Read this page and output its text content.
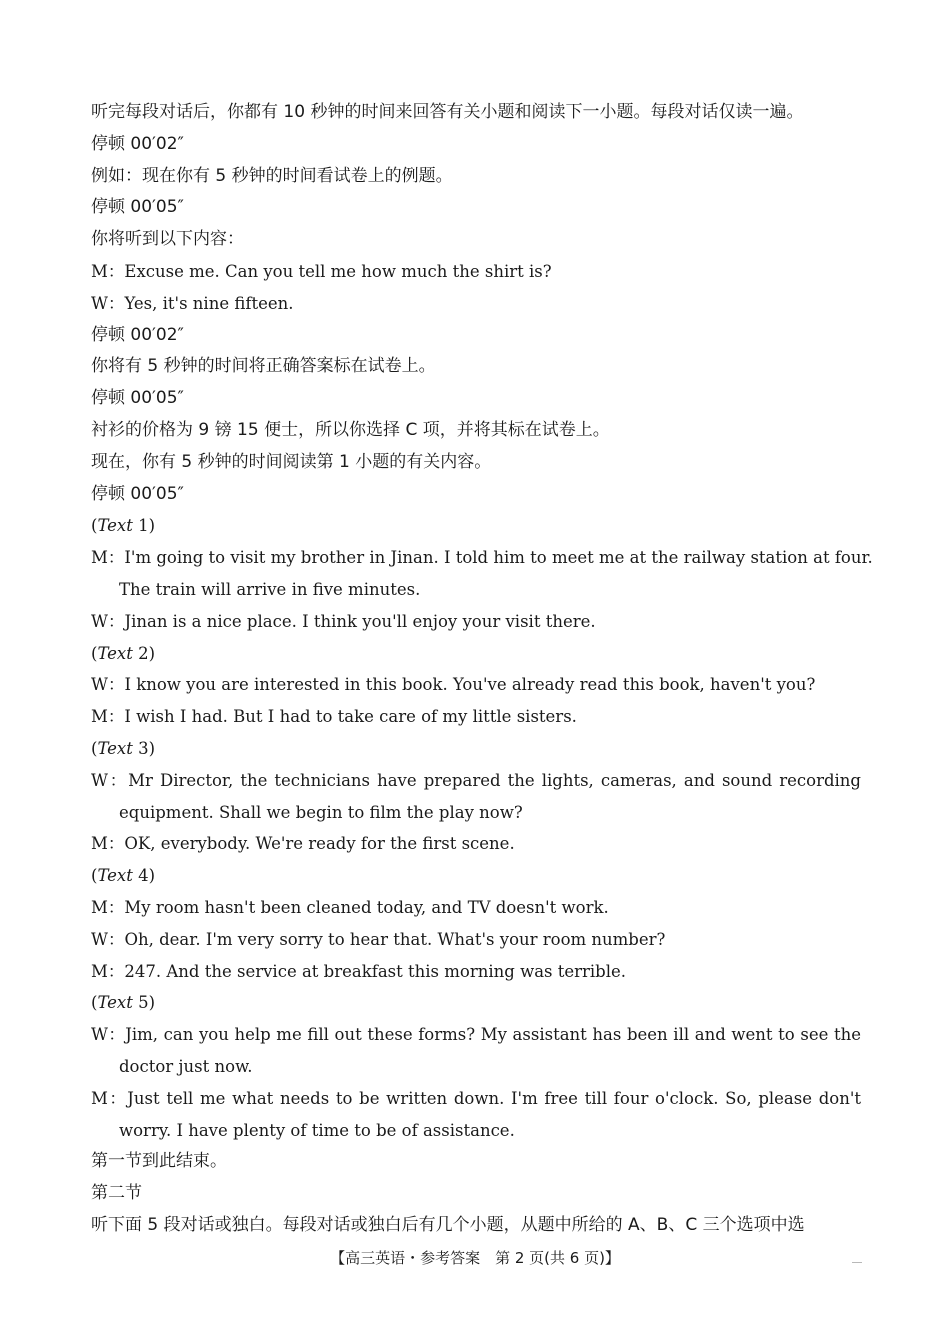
听完每段对话后，你都有 10 秒钟的时间来回答有关小题和阅读下一小题。每段对话仅读一遍。
停顿 00′02″
例如：现在你有 5 秒钟的时间看试卷上的例题。
停顿 00′05″
你将听到以下内容：
M：Excuse me. Can you tell me how much the shirt is?
W：Yes, it's nine fifteen.
停顿 00′02″
你将有 5 秒钟的时间将正确答案标在试卷上。
停顿 00′05″
衬衫的价格为 9 镑 15 便士，所以你选择 C 项，并将其标在试卷上。
现在，你有 5 秒钟的时间阅读第 1 小题的有关内容。
停顿 00′05″
(Text 1)
M：I'm going to visit my brother in Jinan. I told him to meet me at the railway station at four.
The train will arrive in five minutes.
W：Jinan is a nice place. I think you'll enjoy your visit there.
(Text 2)
W：I know you are interested in this book. You've already read this book, haven't you?
M：I wish I had. But I had to take care of my little sisters.
(Text 3)
W：Mr Director, the technicians have prepared the lights, cameras, and sound recording
equipment. Shall we begin to film the play now?
M：OK, everybody. We're ready for the first scene.
(Text 4)
M：My room hasn't been cleaned today, and TV doesn't work.
W：Oh, dear. I'm very sorry to hear that. What's your room number?
M：247. And the service at breakfast this morning was terrible.
(Text 5)
W：Jim, can you help me fill out these forms? My assistant has been ill and went to see the
doctor just now.
M：Just tell me what needs to be written down. I'm free till four o'clock. So, please don't
worry. I have plenty of time to be of assistance.
第一节到此结束。
第二节
听下面 5 段对话或独白。每段对话或独白后有几个小题，从题中所给的 A、B、C 三个选项中选
【高三英语・参考答案　第 2 页(共 6 页)】
